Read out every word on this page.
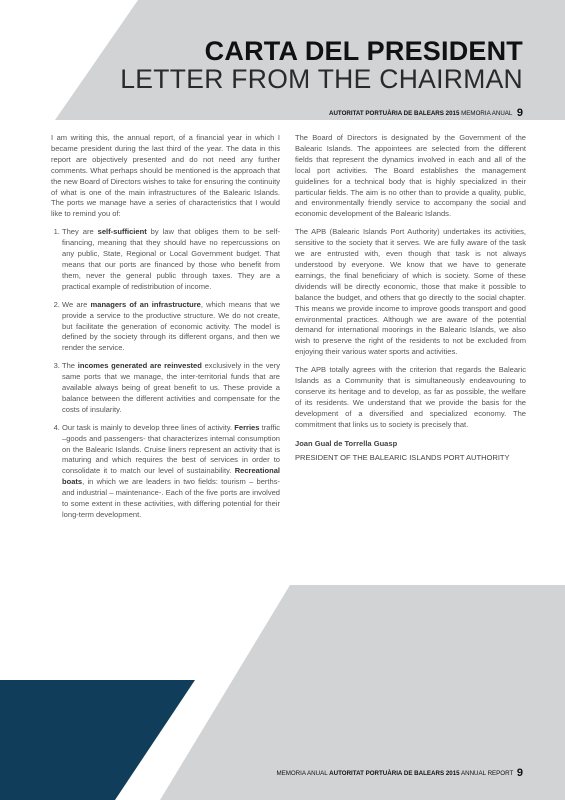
CARTA DEL PRESIDENT
LETTER FROM THE CHAIRMAN
AUTORITAT PORTUÀRIA DE BALEARS 2015 MEMORIA ANUAL 9

I am writing this, the annual report, of a financial year in which I became president during the last third of the year. The data in this report are objectively presented and do not need any further comments. What perhaps should be mentioned is the approach that the new Board of Directors wishes to take for ensuring the continuity of what is one of the main infrastructures of the Balearic Islands. The ports we manage have a series of characteristics that I would like to remind you of:

1. They are self-sufficient by law that obliges them to be self-financing, meaning that they should have no repercussions on any public, State, Regional or Local Government budget. That means that our ports are financed by those who benefit from them, never the general public through taxes. They are a practical example of redistribution of income.
2. We are managers of an infrastructure, which means that we provide a service to the productive structure. We do not create, but facilitate the generation of economic activity. The model is defined by the society through its different organs, and then we render the service.
3. The incomes generated are reinvested exclusively in the very same ports that we manage, the inter-territorial funds that are available always being of great benefit to us. These provide a balance between the different activities and compensate for the costs of insularity.
4. Our task is mainly to develop three lines of activity. Ferries traffic –goods and passengers- that characterizes internal consumption on the Balearic Islands. Cruise liners represent an activity that is maturing and which requires the best of services in order to consolidate it to match our level of sustainability. Recreational boats, in which we are leaders in two fields: tourism – berths- and industrial – maintenance-. Each of the five ports are involved to some extent in these activities, with differing potential for their long-term development.

The Board of Directors is designated by the Government of the Balearic Islands. The appointees are selected from the different fields that represent the dynamics involved in each and all of the local port activities. The Board establishes the management guidelines for a technical body that is highly specialized in their particular fields. The aim is no other than to provide a quality, public, and environmentally friendly service to accompany the social and economic development of the Balearic Islands.

The APB (Balearic Islands Port Authority) undertakes its activities, sensitive to the society that it serves. We are fully aware of the task we are entrusted with, even though that task is not always understood by everyone. We know that we have to generate earnings, the final beneficiary of which is society. Some of these dividends will be directly economic, those that make it possible to balance the budget, and others that go directly to the social chapter. This means we provide income to improve goods transport and good environmental practices. Although we are aware of the potential demand for international moorings in the Balearic Islands, we also wish to preserve the right of the residents to not be excluded from enjoying their various water sports and activities.

The APB totally agrees with the criterion that regards the Balearic Islands as a Community that is simultaneously endeavouring to conserve its heritage and to develop, as far as possible, the welfare of its residents. We understand that we provide the basis for the development of a diversified and specialized economy. The commitment that links us to society is precisely that.

Joan Gual de Torrella Guasp
PRESIDENT OF THE BALEARIC ISLANDS PORT AUTHORITY
MEMORIA ANUAL AUTORITAT PORTUÀRIA DE BALEARS 2015 ANNUAL REPORT 9
